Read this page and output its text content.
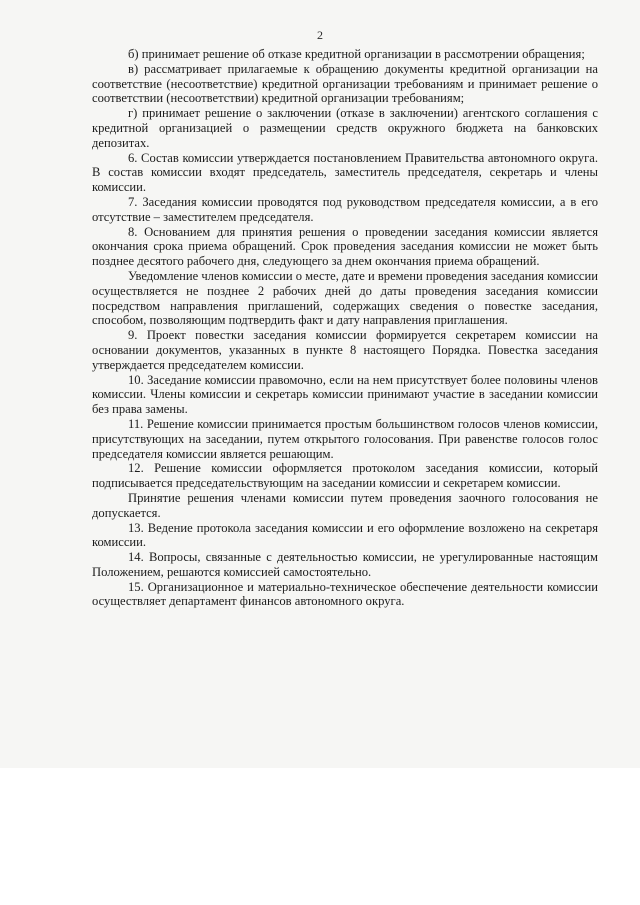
2

б) принимает решение об отказе кредитной организации в рассмотрении обращения;

в) рассматривает прилагаемые к обращению документы кредитной организации на соответствие (несоответствие) кредитной организации требованиям и принимает решение о соответствии (несоответствии) кредитной организации требованиям;

г) принимает решение о заключении (отказе в заключении) агентского соглашения с кредитной организацией о размещении средств окружного бюджета на банковских депозитах.

6. Состав комиссии утверждается постановлением Правительства автономного округа. В состав комиссии входят председатель, заместитель председателя, секретарь и члены комиссии.

7. Заседания комиссии проводятся под руководством председателя комиссии, а в его отсутствие – заместителем председателя.

8. Основанием для принятия решения о проведении заседания комиссии является окончания срока приема обращений. Срок проведения заседания комиссии не может быть позднее десятого рабочего дня, следующего за днем окончания приема обращений.

Уведомление членов комиссии о месте, дате и времени проведения заседания комиссии осуществляется не позднее 2 рабочих дней до даты проведения заседания комиссии посредством направления приглашений, содержащих сведения о повестке заседания, способом, позволяющим подтвердить факт и дату направления приглашения.

9. Проект повестки заседания комиссии формируется секретарем комиссии на основании документов, указанных в пункте 8 настоящего Порядка. Повестка заседания утверждается председателем комиссии.

10. Заседание комиссии правомочно, если на нем присутствует более половины членов комиссии. Члены комиссии и секретарь комиссии принимают участие в заседании комиссии без права замены.

11. Решение комиссии принимается простым большинством голосов членов комиссии, присутствующих на заседании, путем открытого голосования. При равенстве голосов голос председателя комиссии является решающим.

12. Решение комиссии оформляется протоколом заседания комиссии, который подписывается председательствующим на заседании комиссии и секретарем комиссии.

Принятие решения членами комиссии путем проведения заочного голосования не допускается.

13. Ведение протокола заседания комиссии и его оформление возложено на секретаря комиссии.

14. Вопросы, связанные с деятельностью комиссии, не урегулированные настоящим Положением, решаются комиссией самостоятельно.

15. Организационное и материально-техническое обеспечение деятельности комиссии осуществляет департамент финансов автономного округа.
